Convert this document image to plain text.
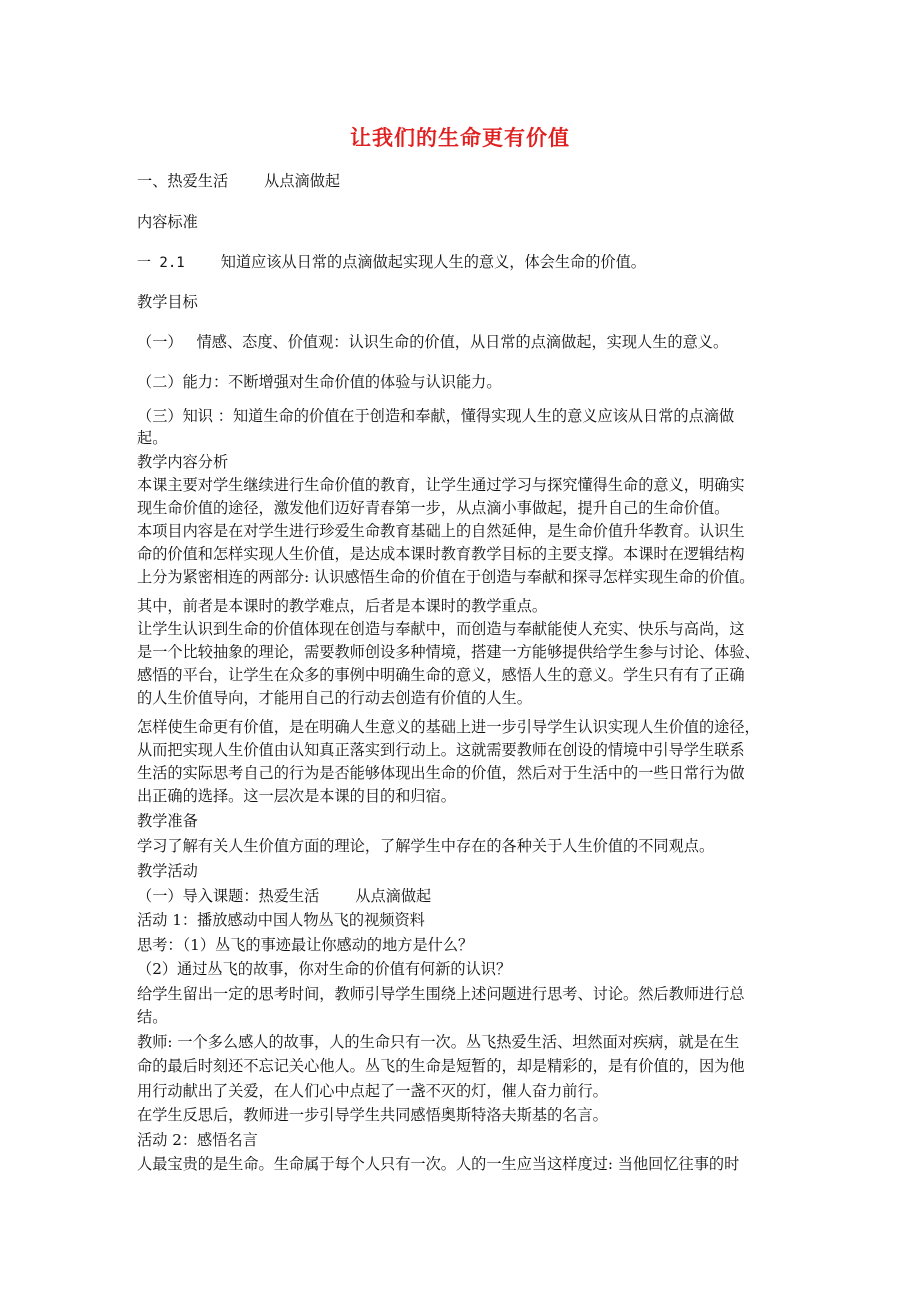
让我们的生命更有价值
一、热爱生活 从点滴做起
内容标准
一 2.1 知道应该从日常的点滴做起实现人生的意义，体会生命的价值。
教学目标
（一） 情感、态度、价值观：认识生命的价值，从日常的点滴做起，实现人生的意义。
（二）能力：不断增强对生命价值的体验与认识能力。
（三）知识 ：知道生命的价值在于创造和奉献，懂得实现人生的意义应该从日常的点滴做
起。
教学内容分析
本课主要对学生继续进行生命价值的教育，让学生通过学习与探究懂得生命的意义，明确实
现生命价值的途径，激发他们迈好青春第一步，从点滴小事做起，提升自己的生命价值。
本项目内容是在对学生进行珍爱生命教育基础上的自然延伸，是生命价值升华教育。认识生
命的价值和怎样实现人生价值，是达成本课时教育教学目标的主要支撑。本课时在逻辑结构
上分为紧密相连的两部分: 认识感悟生命的价值在于创造与奉献和探寻怎样实现生命的价值。
其中，前者是本课时的教学难点，后者是本课时的教学重点。
让学生认识到生命的价值体现在创造与奉献中，而创造与奉献能使人充实、快乐与高尚，这
是一个比较抽象的理论，需要教师创设多种情境，搭建一方能够提供给学生参与讨论、体验、
感悟的平台，让学生在众多的事例中明确生命的意义，感悟人生的意义。学生只有有了正确
的人生价值导向，才能用自己的行动去创造有价值的人生。
怎样使生命更有价值，是在明确人生意义的基础上进一步引导学生认识实现人生价值的途径，
从而把实现人生价值由认知真正落实到行动上。这就需要教师在创设的情境中引导学生联系
生活的实际思考自己的行为是否能够体现出生命的价值，然后对于生活中的一些日常行为做
出正确的选择。这一层次是本课的目的和归宿。
教学准备
学习了解有关人生价值方面的理论，了解学生中存在的各种关于人生价值的不同观点。
教学活动
（一）导入课题：热爱生活 从点滴做起
活动 1：播放感动中国人物丛飞的视频资料
思考：（1）丛飞的事迹最让你感动的地方是什么？
（2）通过丛飞的故事，你对生命的价值有何新的认识？
给学生留出一定的思考时间，教师引导学生围绕上述问题进行思考、讨论。然后教师进行总
结。
教师: 一个多么感人的故事，人的生命只有一次。丛飞热爱生活、坦然面对疾病，就是在生
命的最后时刻还不忘记关心他人。丛飞的生命是短暂的，却是精彩的，是有价值的，因为他
用行动献出了关爱，在人们心中点起了一盏不灭的灯，催人奋力前行。
在学生反思后，教师进一步引导学生共同感悟奥斯特洛夫斯基的名言。
活动 2：感悟名言
人最宝贵的是生命。生命属于每个人只有一次。人的一生应当这样度过: 当他回忆往事的时
